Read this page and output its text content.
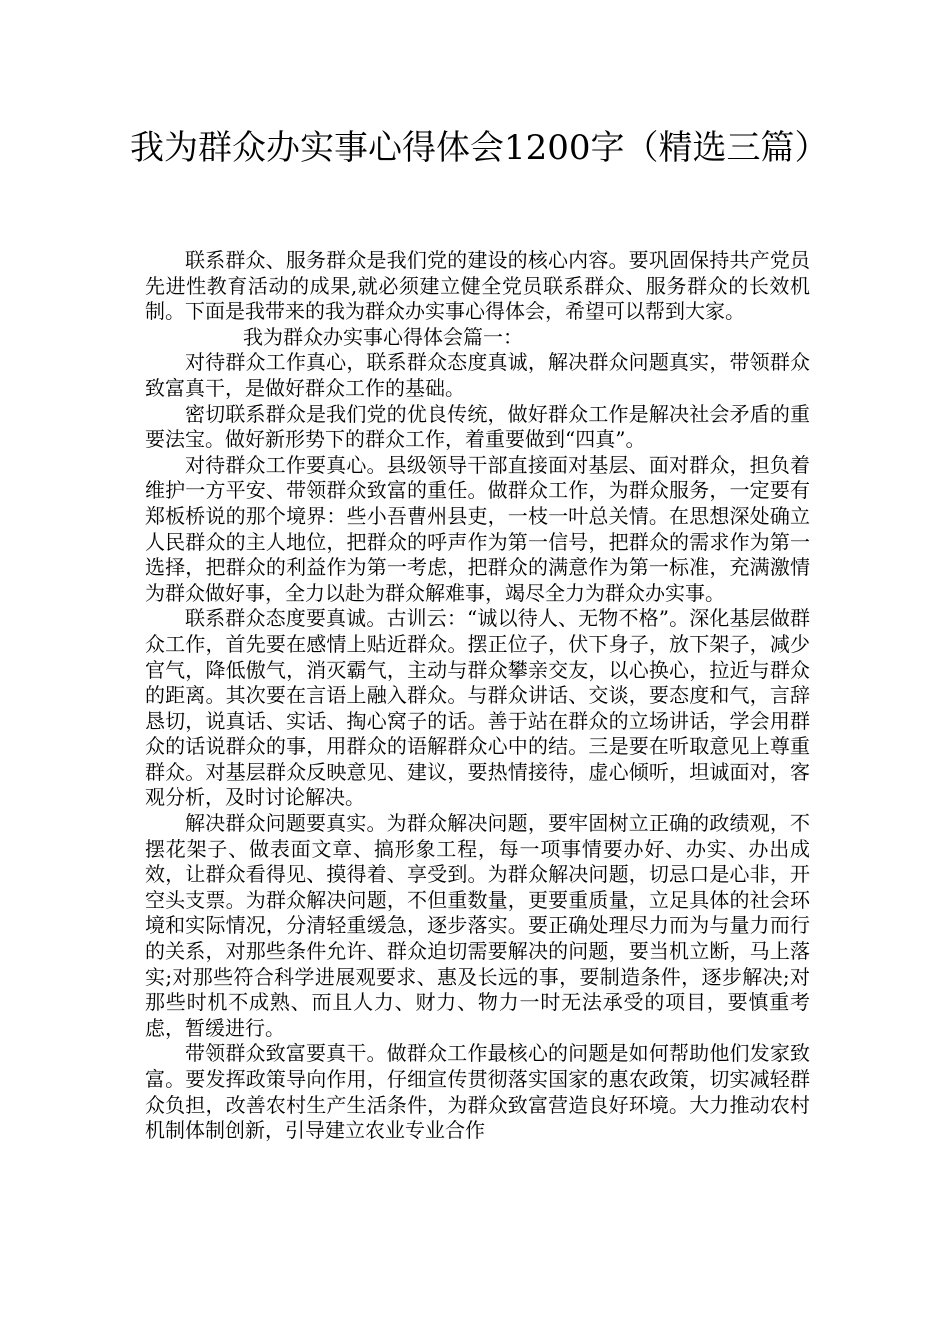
我为群众办实事心得体会1200字（精选三篇）

联系群众、服务群众是我们党的建设的核心内容。要巩固保持共产党员先进性教育活动的成果,就必须建立健全党员联系群众、服务群众的长效机制。下面是我带来的我为群众办实事心得体会，希望可以帮到大家。

我为群众办实事心得体会篇一：

对待群众工作真心，联系群众态度真诚，解决群众问题真实，带领群众致富真干，是做好群众工作的基础。

密切联系群众是我们党的优良传统，做好群众工作是解决社会矛盾的重要法宝。做好新形势下的群众工作，着重要做到“四真”。

对待群众工作要真心。县级领导干部直接面对基层、面对群众，担负着维护一方平安、带领群众致富的重任。做群众工作，为群众服务，一定要有郑板桥说的那个境界：些小吾曹州县吏，一枝一叶总关情。在思想深处确立人民群众的主人地位，把群众的呼声作为第一信号，把群众的需求作为第一选择，把群众的利益作为第一考虑，把群众的满意作为第一标准，充满激情为群众做好事，全力以赴为群众解难事，竭尽全力为群众办实事。

联系群众态度要真诚。古训云：“诚以待人、无物不格”。深化基层做群众工作，首先要在感情上贴近群众。摆正位子，伏下身子，放下架子，减少官气，降低傲气，消灭霸气，主动与群众攀亲交友，以心换心，拉近与群众的距离。其次要在言语上融入群众。与群众讲话、交谈，要态度和气，言辞恳切，说真话、实话、掏心窝子的话。善于站在群众的立场讲话，学会用群众的话说群众的事，用群众的语解群众心中的结。三是要在听取意见上尊重群众。对基层群众反映意见、建议，要热情接待，虚心倾听，坦诚面对，客观分析，及时讨论解决。

解决群众问题要真实。为群众解决问题，要牢固树立正确的政绩观，不摆花架子、做表面文章、搞形象工程，每一项事情要办好、办实、办出成效，让群众看得见、摸得着、享受到。为群众解决问题，切忌口是心非，开空头支票。为群众解决问题，不但重数量，更要重质量，立足具体的社会环境和实际情况，分清轻重缓急，逐步落实。要正确处理尽力而为与量力而行的关系，对那些条件允许、群众迫切需要解决的问题，要当机立断，马上落实;对那些符合科学进展观要求、惠及长远的事，要制造条件，逐步解决;对那些时机不成熟、而且人力、财力、物力一时无法承受的项目，要慎重考虑，暂缓进行。

带领群众致富要真干。做群众工作最核心的问题是如何帮助他们发家致富。要发挥政策导向作用，仔细宣传贯彻落实国家的惠农政策，切实减轻群众负担，改善农村生产生活条件，为群众致富营造良好环境。大力推动农村机制体制创新，引导建立农业专业合作
